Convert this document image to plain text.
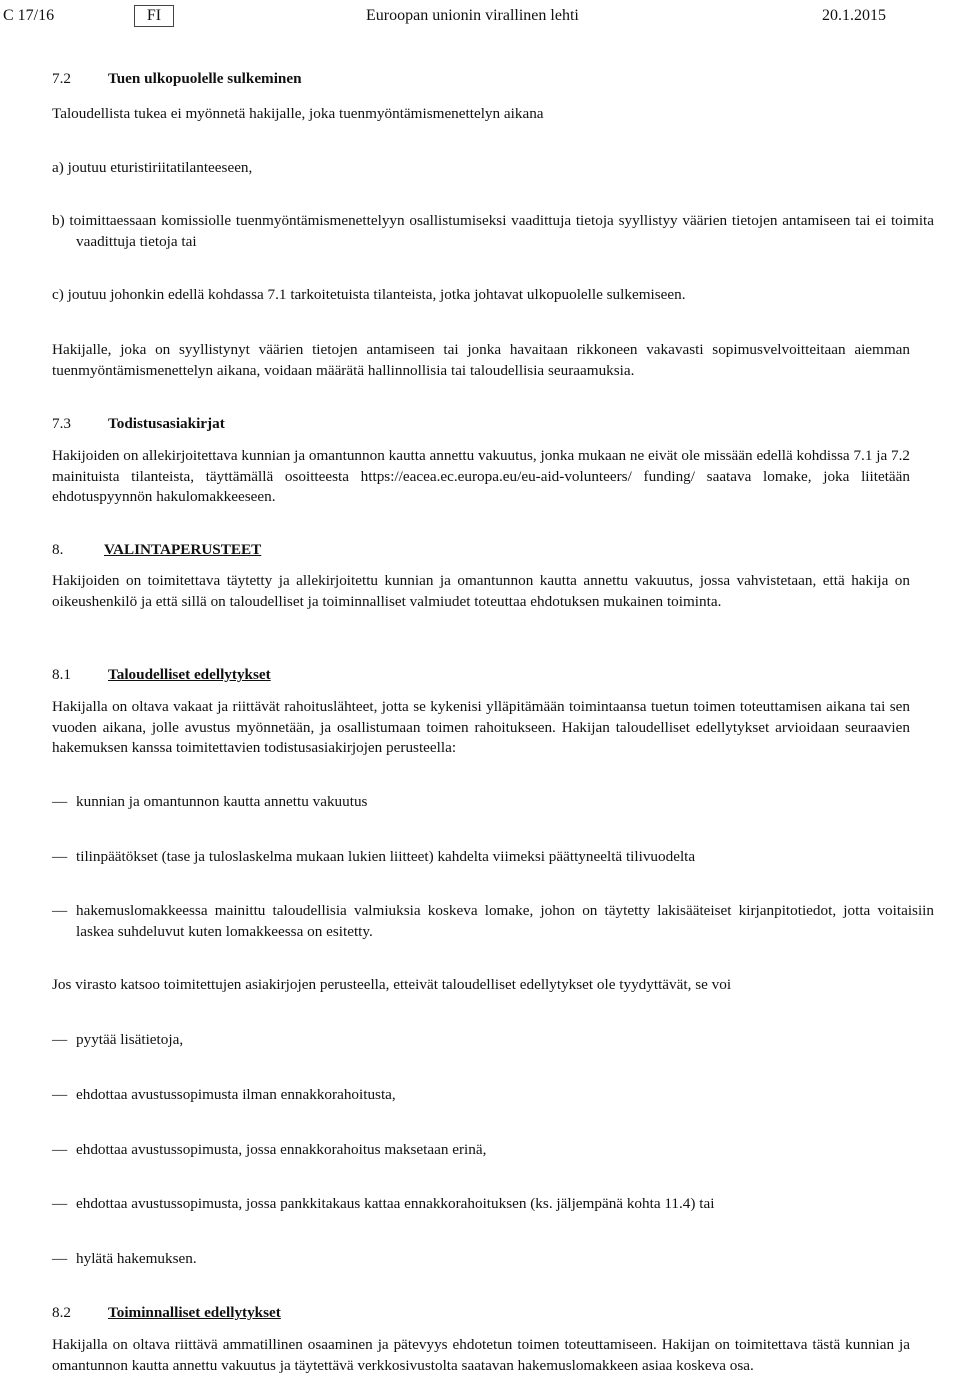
C 17/16	FI	Euroopan unionin virallinen lehti	20.1.2015

7.2 Tuen ulkopuolelle sulkeminen

Taloudellista tukea ei myönnetä hakijalle, joka tuenmyöntämismenettelyn aikana

a) joutuu eturistiriitatilanteeseen,

b) toimittaessaan komissiolle tuenmyöntämismenettelyyn osallistumiseksi vaadittuja tietoja syyllistyy väärien tietojen antamiseen tai ei toimita vaadittuja tietoja tai

c) joutuu johonkin edellä kohdassa 7.1 tarkoitetuista tilanteista, jotka johtavat ulkopuolelle sulkemiseen.

Hakijalle, joka on syyllistynyt väärien tietojen antamiseen tai jonka havaitaan rikkoneen vakavasti sopimusvelvoitteitaan aiemman tuenmyöntämismenettelyn aikana, voidaan määrätä hallinnollisia tai taloudellisia seuraamuksia.

7.3 Todistusasiakirjat

Hakijoiden on allekirjoitettava kunnian ja omantunnon kautta annettu vakuutus, jonka mukaan ne eivät ole missään edellä kohdissa 7.1 ja 7.2 mainituista tilanteista, täyttämällä osoitteesta https://eacea.ec.europa.eu/eu-aid-volunteers/ funding/ saatava lomake, joka liitetään ehdotuspyynnön hakulomakkeeseen.

8.	VALINTAPERUSTEET

Hakijoiden on toimitettava täytetty ja allekirjoitettu kunnian ja omantunnon kautta annettu vakuutus, jossa vahvistetaan, että hakija on oikeushenkilö ja että sillä on taloudelliset ja toiminnalliset valmiudet toteuttaa ehdotuksen mukainen toiminta.

8.1 Taloudelliset edellytykset

Hakijalla on oltava vakaat ja riittävät rahoituslähteet, jotta se kykenisi ylläpitämään toimintaansa tuetun toimen toteuttamisen aikana tai sen vuoden aikana, jolle avustus myönnetään, ja osallistumaan toimen rahoitukseen. Hakijan taloudelliset edellytykset arvioidaan seuraavien hakemuksen kanssa toimitettavien todistusasiakirjojen perusteella:

— kunnian ja omantunnon kautta annettu vakuutus

— tilinpäätökset (tase ja tuloslaskelma mukaan lukien liitteet) kahdelta viimeksi päättyneeltä tilivuodelta

— hakemuslomakkeessa mainittu taloudellisia valmiuksia koskeva lomake, johon on täytetty lakisääteiset kirjanpitotiedot, jotta voitaisiin laskea suhdeluvut kuten lomakkeessa on esitetty.

Jos virasto katsoo toimitettujen asiakirjojen perusteella, etteivät taloudelliset edellytykset ole tyydyttävät, se voi

— pyytää lisätietoja,

— ehdottaa avustussopimusta ilman ennakkorahoitusta,

— ehdottaa avustussopimusta, jossa ennakkorahoitus maksetaan erinä,

— ehdottaa avustussopimusta, jossa pankkitakaus kattaa ennakkorahoituksen (ks. jäljempänä kohta 11.4) tai

— hylätä hakemuksen.

8.2 Toiminnalliset edellytykset

Hakijalla on oltava riittävä ammatillinen osaaminen ja pätevyys ehdotetun toimen toteuttamiseen. Hakijan on toimitettava tästä kunnian ja omantunnon kautta annettu vakuutus ja täytettävä verkkosivustolta saatavan hakemuslomakkeen asiaa koskeva osa.
